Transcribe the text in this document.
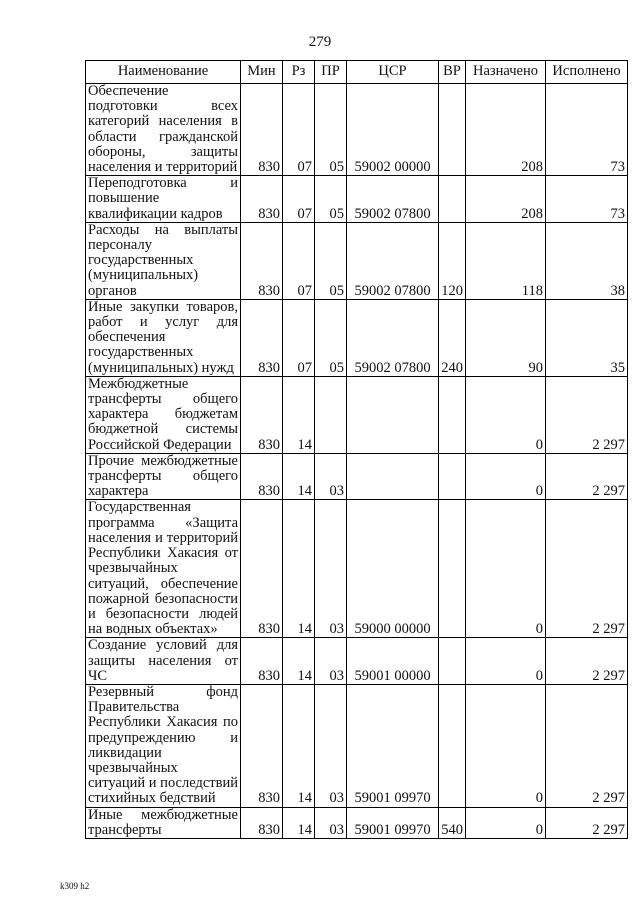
279
Наименование	Мин	Рз	ПР	ЦСР	ВР	Назначено	Исполнено
Обеспечение подготовки всех категорий населения в области гражданской обороны, защиты населения и территорий	830	07	05	59002 00000		208	73
Переподготовка и повышение квалификации кадров	830	07	05	59002 07800		208	73
Расходы на выплаты персоналу государственных (муниципальных) органов	830	07	05	59002 07800	120	118	38
Иные закупки товаров, работ и услуг для обеспечения государственных (муниципальных) нужд	830	07	05	59002 07800	240	90	35
Межбюджетные трансферты общего характера бюджетам бюджетной системы Российской Федерации	830	14				0	2 297
Прочие межбюджетные трансферты общего характера	830	14	03			0	2 297
Государственная программа «Защита населения и территорий Республики Хакасия от чрезвычайных ситуаций, обеспечение пожарной безопасности и безопасности людей на водных объектах»	830	14	03	59000 00000		0	2 297
Создание условий для защиты населения от ЧС	830	14	03	59001 00000		0	2 297
Резервный фонд Правительства Республики Хакасия по предупреждению и ликвидации чрезвычайных ситуаций и последствий стихийных бедствий	830	14	03	59001 09970		0	2 297
Иные межбюджетные трансферты	830	14	03	59001 09970	540	0	2 297
k309 h2
